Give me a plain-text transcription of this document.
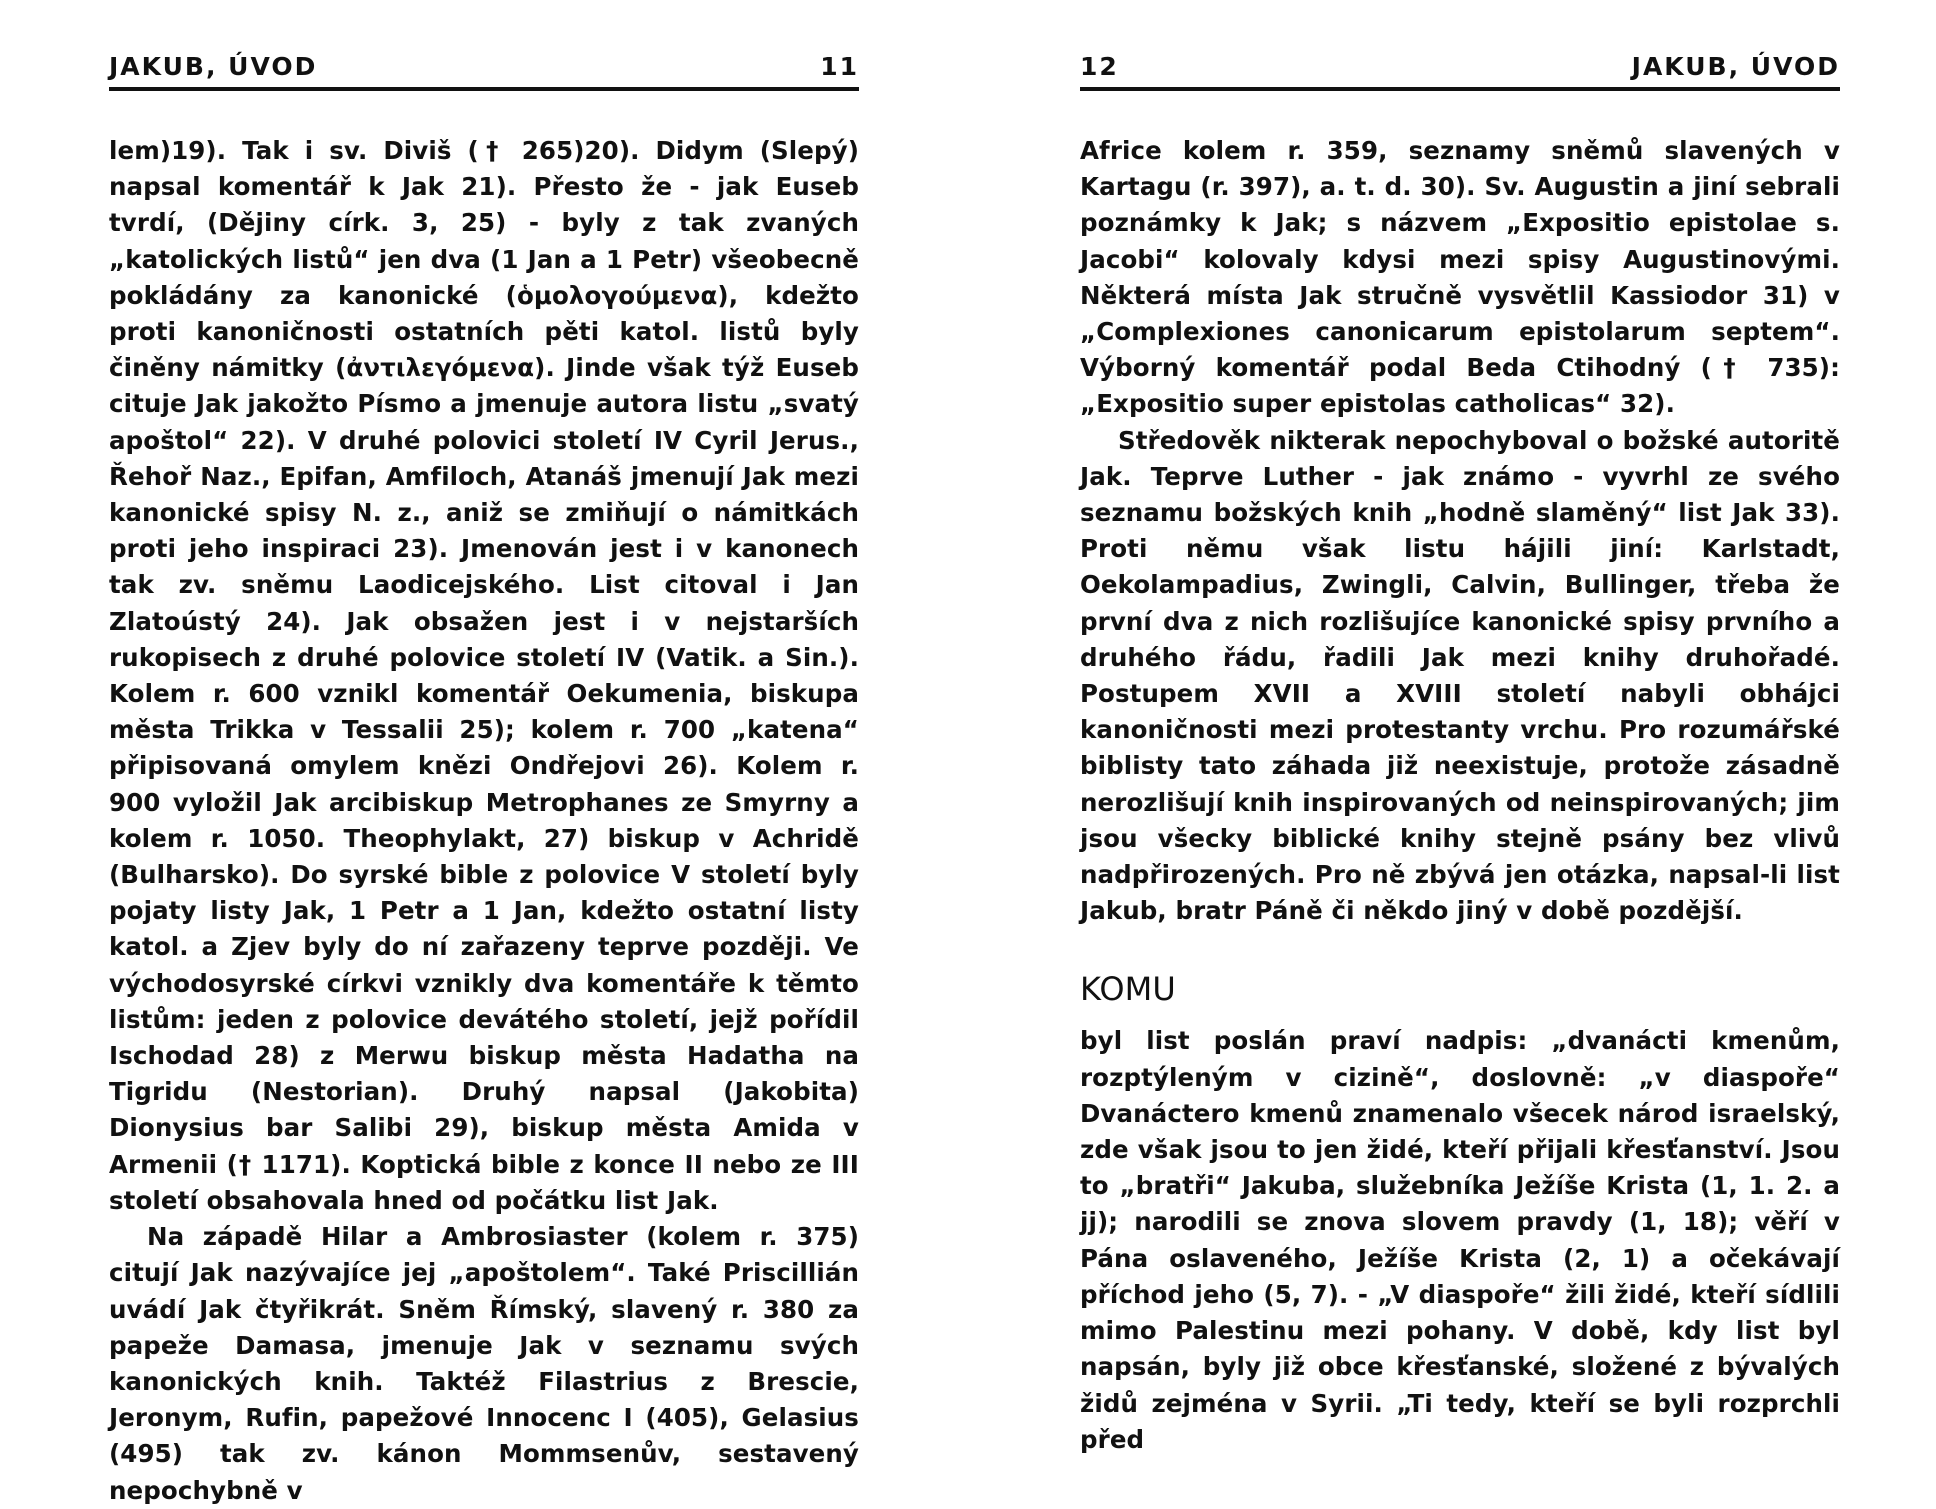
JAKUB, ÚVOD	11

lem)19). Tak i sv. Diviš († 265)20). Didym (Slepý) napsal komentář k Jak 21). Přesto že - jak Euseb tvrdí, (Dějiny círk. 3, 25) - byly z tak zvaných „katolických listů“ jen dva (1 Jan a 1 Petr) všeobecně pokládány za kanonické (ὁμολογούμενα), kdežto proti kanoničnosti ostatních pěti katol. listů byly činěny námitky (ἀντιλεγόμενα). Jinde však týž Euseb cituje Jak jakožto Písmo a jmenuje autora listu „svatý apoštol“ 22). V druhé polovici století IV Cyril Jerus., Řehoř Naz., Epifan, Amfiloch, Atanáš jmenují Jak mezi kanonické spisy N. z., aniž se zmiňují o námitkách proti jeho inspiraci 23). Jmenován jest i v kanonech tak zv. sněmu Laodicejského. List citoval i Jan Zlatoústý 24). Jak obsažen jest i v nejstarších rukopisech z druhé polovice století IV (Vatik. a Sin.). Kolem r. 600 vznikl komentář Oekumenia, biskupa města Trikka v Tessalii 25); kolem r. 700 „katena“ připisovaná omylem knězi Ondřejovi 26). Kolem r. 900 vyložil Jak arcibiskup Metrophanes ze Smyrny a kolem r. 1050. Theophylakt, 27) biskup v Achridě (Bulharsko). Do syrské bible z polovice V století byly pojaty listy Jak, 1 Petr a 1 Jan, kdežto ostatní listy katol. a Zjev byly do ní zařazeny teprve později. Ve východosyrské církvi vznikly dva komentáře k těmto listům: jeden z polovice devátého století, jejž pořídil Ischodad 28) z Merwu biskup města Hadatha na Tigridu (Nestorian). Druhý napsal (Jakobita) Dionysius bar Salibi 29), biskup města Amida v Armenii († 1171). Koptická bible z konce II nebo ze III století obsahovala hned od počátku list Jak.

Na západě Hilar a Ambrosiaster (kolem r. 375) citují Jak nazývajíce jej „apoštolem“. Také Priscillián uvádí Jak čtyřikrát. Sněm Římský, slavený r. 380 za papeže Damasa, jmenuje Jak v seznamu svých kanonických knih. Taktéž Filastrius z Brescie, Jeronym, Rufin, papežové Innocenc I (405), Gelasius (495) tak zv. kánon Mommsenův, sestavený nepochybně v

12	JAKUB, ÚVOD

Africe kolem r. 359, seznamy sněmů slavených v Kartagu (r. 397), a. t. d. 30). Sv. Augustin a jiní sebrali poznámky k Jak; s názvem „Expositio epistolae s. Jacobi“ kolovaly kdysi mezi spisy Augustinovými. Některá místa Jak stručně vysvětlil Kassiodor 31) v „Complexiones canonicarum epistolarum septem“. Výborný komentář podal Beda Ctihodný († 735): „Expositio super epistolas catholicas“ 32).

Středověk nikterak nepochyboval o božské autoritě Jak. Teprve Luther - jak známo - vyvrhl ze svého seznamu božských knih „hodně slaměný“ list Jak 33). Proti němu však listu hájili jiní: Karlstadt, Oekolampadius, Zwingli, Calvin, Bullinger, třeba že první dva z nich rozlišujíce kanonické spisy prvního a druhého řádu, řadili Jak mezi knihy druhořadé. Postupem XVII a XVIII století nabyli obhájci kanoničnosti mezi protestanty vrchu. Pro rozumářské biblisty tato záhada již neexistuje, protože zásadně nerozlišují knih inspirovaných od neinspirovaných; jim jsou všecky biblické knihy stejně psány bez vlivů nadpřirozených. Pro ně zbývá jen otázka, napsal-li list Jakub, bratr Páně či někdo jiný v době pozdější.

KOMU

byl list poslán praví nadpis: „dvanácti kmenům, rozptýleným v cizině“, doslovně: „v diaspoře“ Dvanáctero kmenů znamenalo všecek národ israelský, zde však jsou to jen židé, kteří přijali křesťanství. Jsou to „bratři“ Jakuba, služebníka Ježíše Krista (1, 1. 2. a jj); narodili se znova slovem pravdy (1, 18); věří v Pána oslaveného, Ježíše Krista (2, 1) a očekávají příchod jeho (5, 7). - „V diaspoře“ žili židé, kteří sídlili mimo Palestinu mezi pohany. V době, kdy list byl napsán, byly již obce křesťanské, složené z bývalých židů zejména v Syrii. „Ti tedy, kteří se byli rozprchli před
